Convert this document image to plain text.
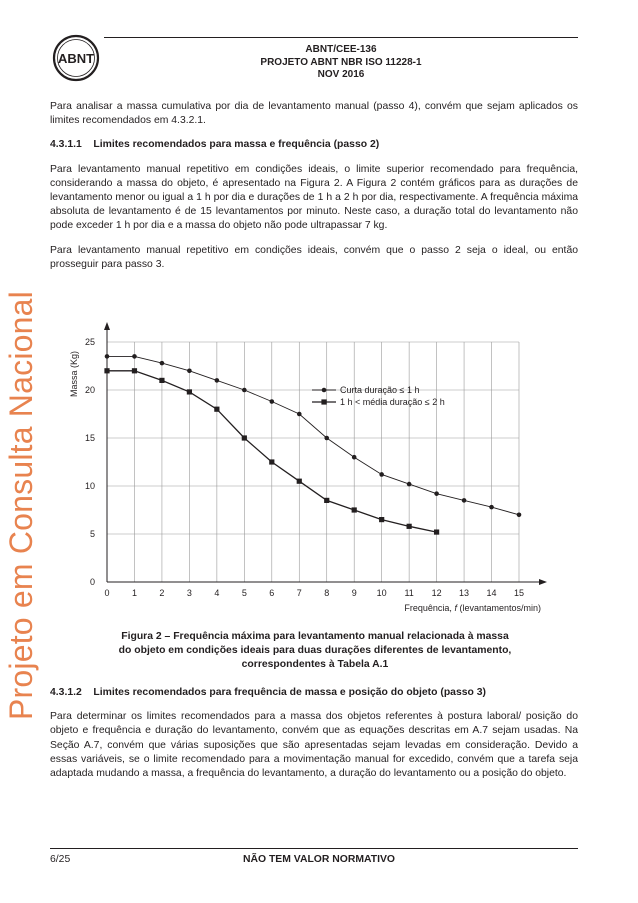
Projeto em Consulta Nacional
ABNT
ABNT/CEE-136
PROJETO ABNT NBR ISO 11228-1
NOV 2016

Para analisar a massa cumulativa por dia de levantamento manual (passo 4), convém que sejam aplicados os limites recomendados em 4.3.2.1.

4.3.1.1 Limites recomendados para massa e frequência (passo 2)

Para levantamento manual repetitivo em condições ideais, o limite superior recomendado para frequência, considerando a massa do objeto, é apresentado na Figura 2. A Figura 2 contém gráficos para as durações de levantamento menor ou igual a 1 h por dia e durações de 1 h a 2 h por dia, respectivamente. A frequência máxima absoluta de levantamento é de 15 levantamentos por minuto. Neste caso, a duração total do levantamento não pode exceder 1 h por dia e a massa do objeto não pode ultrapassar 7 kg.

Para levantamento manual repetitivo em condições ideais, convém que o passo 2 seja o ideal, ou então prosseguir para passo 3.

0 1 2 3 4 5 6 7 8 9 10 11 12 13 14 15
0
5
10
15
20
25
Massa (Kg)
Frequência, f (levantamentos/min)
Curta duração ≤ 1 h
1 h < média duração ≤ 2 h
Figura 2 – Frequência máxima para levantamento manual relacionada à massa
do objeto em condições ideais para duas durações diferentes de levantamento,
correspondentes à Tabela A.1

4.3.1.2 Limites recomendados para frequência de massa e posição do objeto (passo 3)

Para determinar os limites recomendados para a massa dos objetos referentes à postura laboral/ posição do objeto e frequência e duração do levantamento, convém que as equações descritas em A.7 sejam usadas. Na Seção A.7, convém que várias suposições que são apresentadas sejam levadas em consideração. Devido a essas variáveis, se o limite recomendado para a movimentação manual for excedido, convém que a tarefa seja adaptada mudando a massa, a frequência do levantamento, a duração do levantamento ou a posição do objeto.

NÃO TEM VALOR NORMATIVO
6/25
